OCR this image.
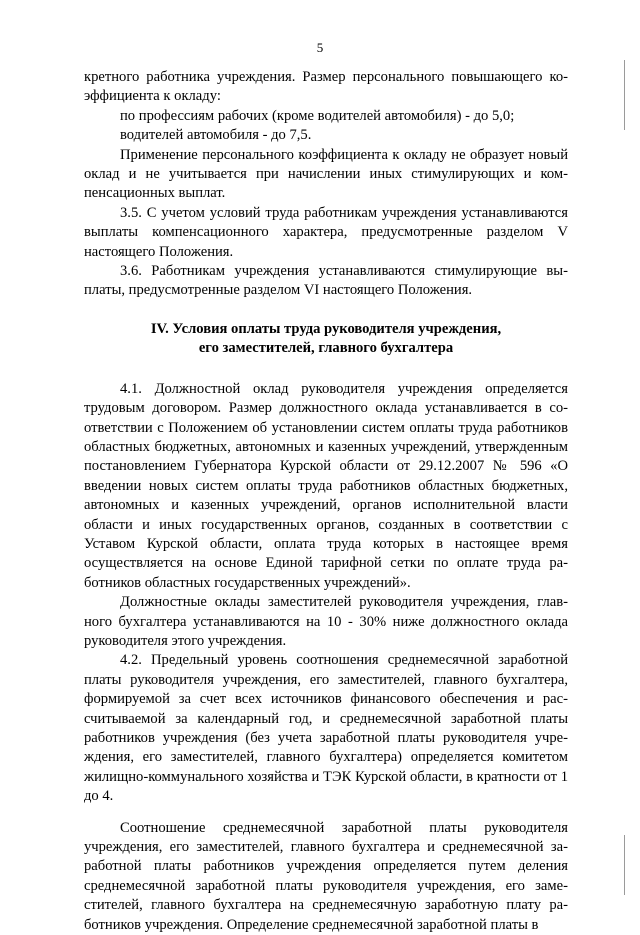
5

кретного работника учреждения. Размер персонального повышающего коэффициента к окладу:

по профессиям рабочих (кроме водителей автомобиля) - до 5,0;

водителей автомобиля - до 7,5.

Применение персонального коэффициента к окладу не образует новый оклад и не учитывается при начислении иных стимулирующих и компенсационных выплат.

3.5. С учетом условий труда работникам учреждения устанавливаются выплаты компенсационного характера, предусмотренные разделом V настоящего Положения.

3.6. Работникам учреждения устанавливаются стимулирующие выплаты, предусмотренные разделом VI настоящего Положения.

IV. Условия оплаты труда руководителя учреждения,
его заместителей, главного бухгалтера

4.1. Должностной оклад руководителя учреждения определяется трудовым договором. Размер должностного оклада устанавливается в соответствии с Положением об установлении систем оплаты труда работников областных бюджетных, автономных и казенных учреждений, утвержденным постановлением Губернатора Курской области от 29.12.2007 № 596 «О введении новых систем оплаты труда работников областных бюджетных, автономных и казенных учреждений, органов исполнительной власти области и иных государственных органов, созданных в соответствии с Уставом Курской области, оплата труда которых в настоящее время осуществляется на основе Единой тарифной сетки по оплате труда работников областных государственных учреждений».

Должностные оклады заместителей руководителя учреждения, главного бухгалтера устанавливаются на 10 - 30% ниже должностного оклада руководителя этого учреждения.

4.2. Предельный уровень соотношения среднемесячной заработной платы руководителя учреждения, его заместителей, главного бухгалтера, формируемой за счет всех источников финансового обеспечения и рассчитываемой за календарный год, и среднемесячной заработной платы работников учреждения (без учета заработной платы руководителя учреждения, его заместителей, главного бухгалтера) определяется комитетом жилищно-коммунального хозяйства и ТЭК Курской области, в кратности от 1 до 4.

Соотношение среднемесячной заработной платы руководителя учреждения, его заместителей, главного бухгалтера и среднемесячной заработной платы работников учреждения определяется путем деления среднемесячной заработной платы руководителя учреждения, его заместителей, главного бухгалтера на среднемесячную заработную плату работников учреждения. Определение среднемесячной заработной платы в
